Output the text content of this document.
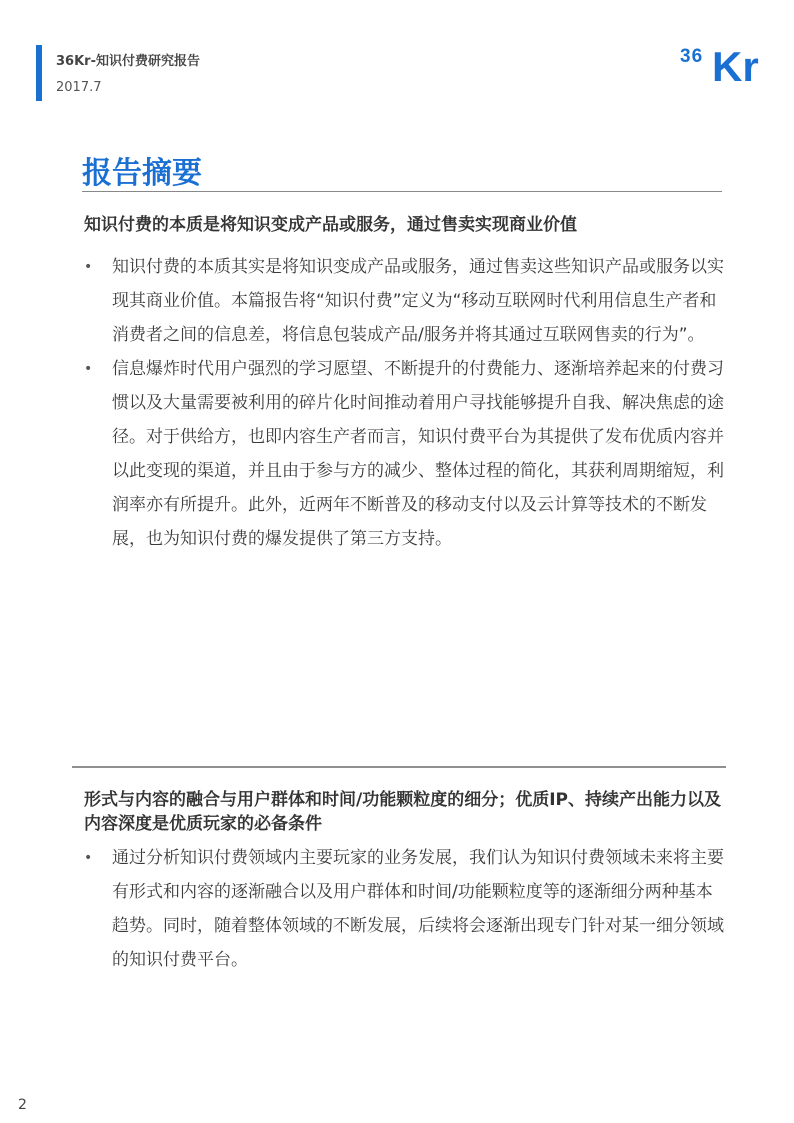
36Kr-知识付费研究报告
2017.7
36 Kr
报告摘要
知识付费的本质是将知识变成产品或服务，通过售卖实现商业价值
• 知识付费的本质其实是将知识变成产品或服务，通过售卖这些知识产品或服务以实现其商业价值。本篇报告将“知识付费”定义为“移动互联网时代利用信息生产者和消费者之间的信息差，将信息包装成产品/服务并将其通过互联网售卖的行为”。
• 信息爆炸时代用户强烈的学习愿望、不断提升的付费能力、逐渐培养起来的付费习惯以及大量需要被利用的碎片化时间推动着用户寻找能够提升自我、解决焦虑的途径。对于供给方，也即内容生产者而言，知识付费平台为其提供了发布优质内容并以此变现的渠道，并且由于参与方的减少、整体过程的简化，其获利周期缩短，利润率亦有所提升。此外，近两年不断普及的移动支付以及云计算等技术的不断发展，也为知识付费的爆发提供了第三方支持。
形式与内容的融合与用户群体和时间/功能颗粒度的细分；优质IP、持续产出能力以及内容深度是优质玩家的必备条件
• 通过分析知识付费领域内主要玩家的业务发展，我们认为知识付费领域未来将主要有形式和内容的逐渐融合以及用户群体和时间/功能颗粒度等的逐渐细分两种基本趋势。同时，随着整体领域的不断发展，后续将会逐渐出现专门针对某一细分领域的知识付费平台。
2
